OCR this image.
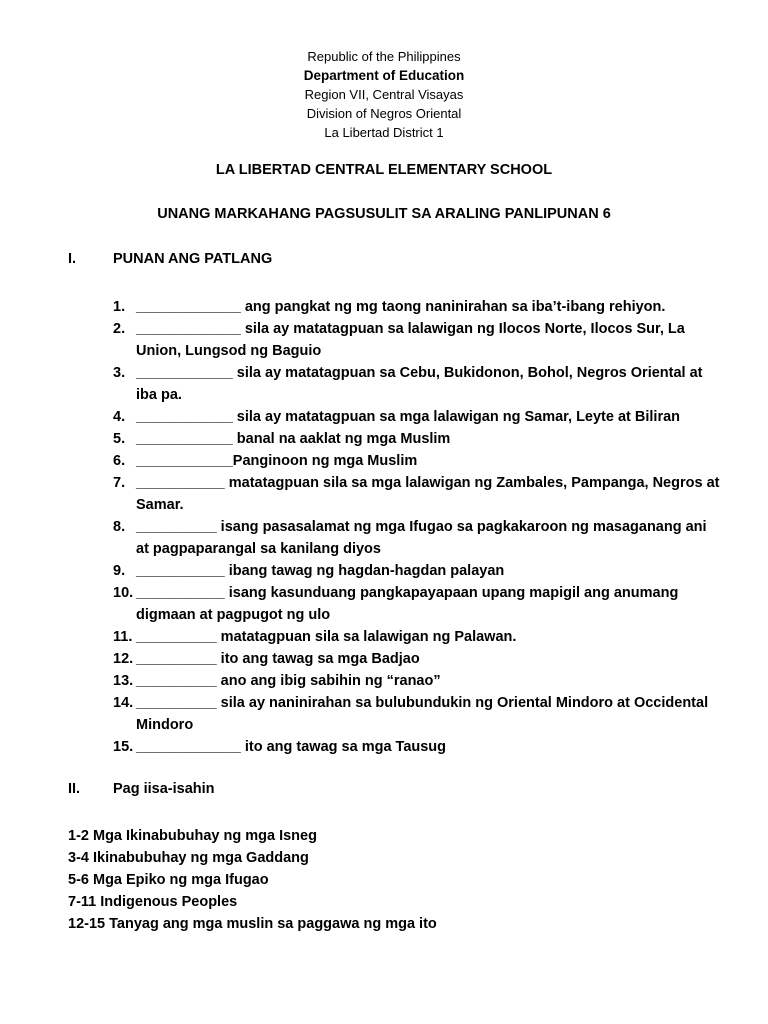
Republic of the Philippines
Department of Education
Region VII, Central Visayas
Division of Negros Oriental
La Libertad District 1
LA LIBERTAD CENTRAL ELEMENTARY SCHOOL
UNANG MARKAHANG PAGSUSULIT SA ARALING PANLIPUNAN 6
I.	PUNAN ANG PATLANG
1. _____________ ang pangkat ng mg taong naninirahan sa iba’t-ibang rehiyon.
2. _____________ sila ay matatagpuan sa lalawigan ng Ilocos Norte, Ilocos Sur, La Union, Lungsod ng Baguio
3. ____________ sila ay matatagpuan sa Cebu, Bukidonon, Bohol, Negros Oriental at iba pa.
4. ____________ sila ay matatagpuan sa mga lalawigan ng Samar, Leyte at Biliran
5. ____________ banal na aaklat ng mga Muslim
6. ____________Panginoon ng mga Muslim
7. ___________ matatagpuan sila sa mga lalawigan ng Zambales, Pampanga, Negros at Samar.
8. __________ isang pasasalamat ng mga Ifugao sa pagkakaroon ng masaganang ani at pagpaparangal sa kanilang diyos
9. ___________ ibang tawag ng hagdan-hagdan palayan
10. ___________ isang kasunduang pangkapayapaan upang mapigil ang anumang digmaan at pagpugot ng ulo
11. __________ matatagpuan sila sa lalawigan ng Palawan.
12. __________ ito ang tawag sa mga Badjao
13. __________ ano ang ibig sabihin ng “ranao”
14. __________ sila ay naninirahan sa bulubundukin ng Oriental Mindoro at Occidental Mindoro
15. _____________ ito ang tawag sa mga Tausug
II. Pag iisa-isahin
1-2 Mga Ikinabubuhay ng mga Isneg
3-4 Ikinabubuhay ng mga Gaddang
5-6 Mga Epiko ng mga Ifugao
7-11 Indigenous Peoples
12-15 Tanyag ang mga muslin sa paggawa ng mga ito
